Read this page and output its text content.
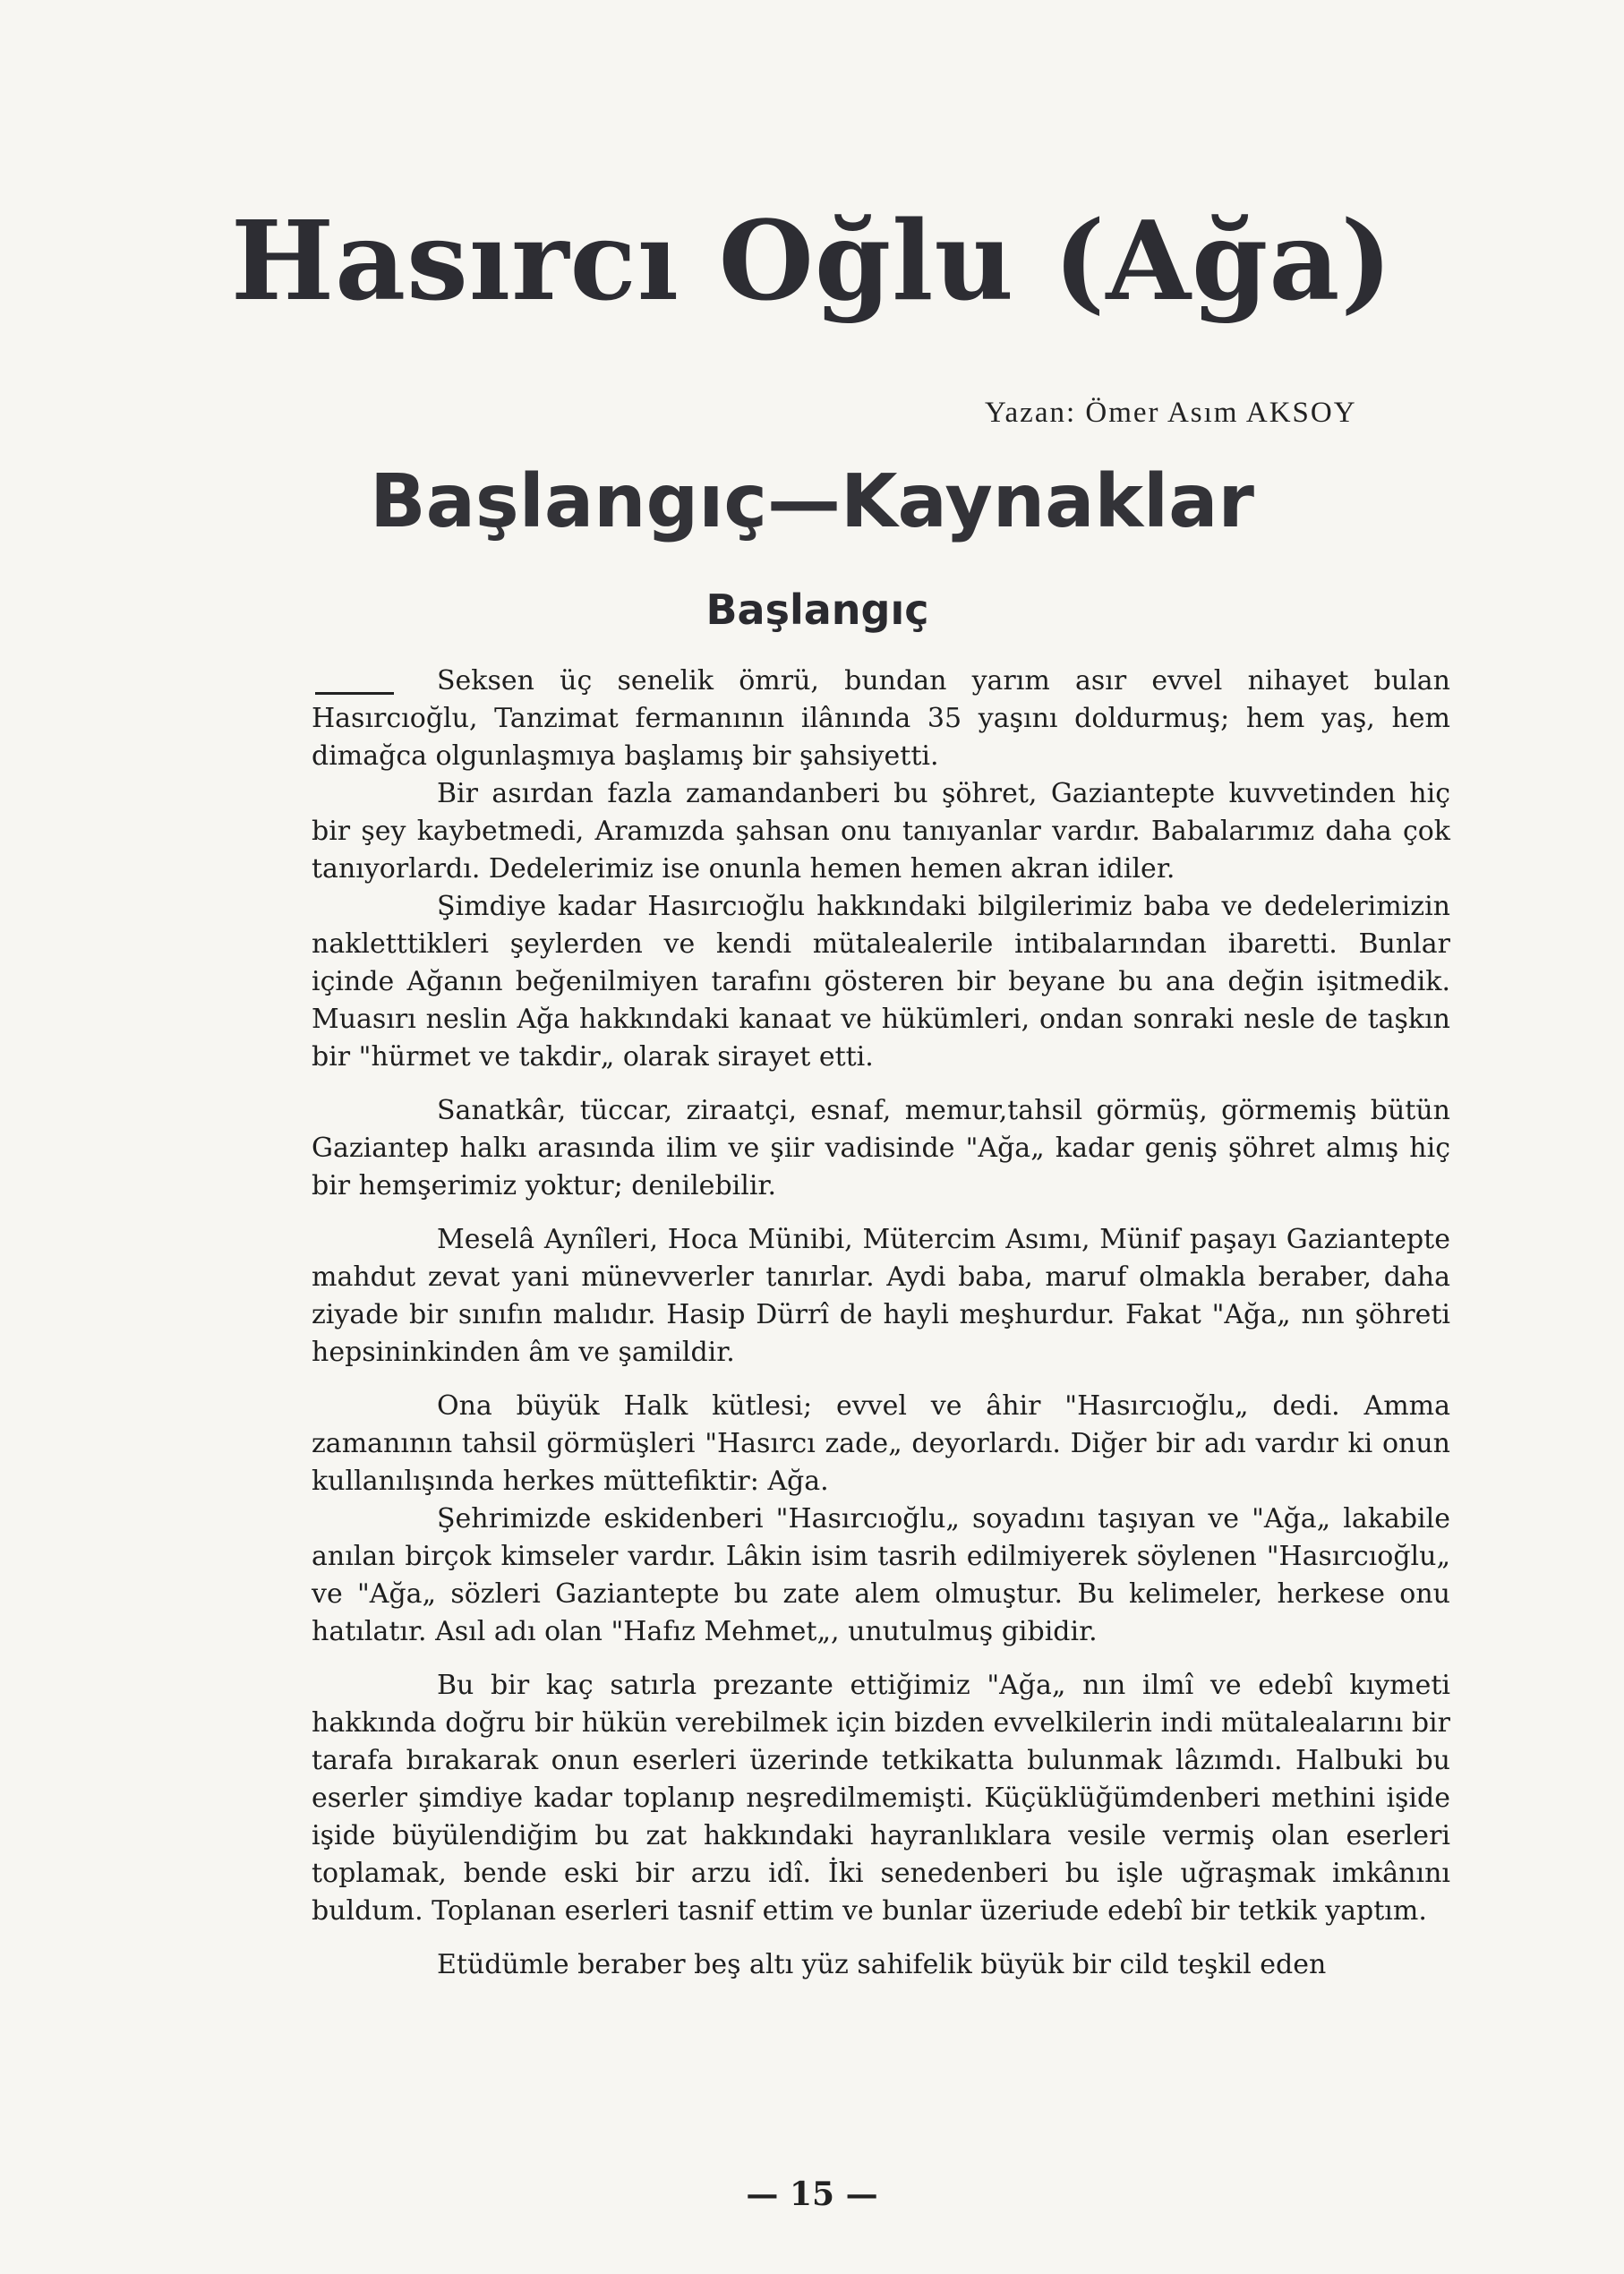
Hasırcı Oğlu (Ağa)
Yazan: Ömer Asım AKSOY
Başlangıç—Kaynaklar
Başlangıç

Seksen üç senelik ömrü, bundan yarım asır evvel nihayet bulan Hasırcıoğlu, Tanzimat fermanının ilânında 35 yaşını doldurmuş; hem yaş, hem dimağca olgunlaşmıya başlamış bir şahsiyetti.

Bir asırdan fazla zamandanberi bu şöhret, Gaziantepte kuvvetinden hiç bir şey kaybetmedi, Aramızda şahsan onu tanıyanlar vardır. Babalarımız daha çok tanıyorlardı. Dedelerimiz ise onunla hemen hemen akran idiler.

Şimdiye kadar Hasırcıoğlu hakkındaki bilgilerimiz baba ve dedelerimizin nakletttikleri şeylerden ve kendi mütalealerile intibalarından ibaretti. Bunlar içinde Ağanın beğenilmiyen tarafını gösteren bir beyane bu ana değin işitmedik. Muasırı neslin Ağa hakkındaki kanaat ve hükümleri, ondan sonraki nesle de taşkın bir "hürmet ve takdir„ olarak sirayet etti.

Sanatkâr, tüccar, ziraatçi, esnaf, memur,tahsil görmüş, görmemiş bütün Gaziantep halkı arasında ilim ve şiir vadisinde "Ağa„ kadar geniş şöhret almış hiç bir hemşerimiz yoktur; denilebilir.

Meselâ Aynîleri, Hoca Münibi, Mütercim Asımı, Münif paşayı Gaziantepte mahdut zevat yani münevverler tanırlar. Aydi baba, maruf olmakla beraber, daha ziyade bir sınıfın malıdır. Hasip Dürrî de hayli meşhurdur. Fakat "Ağa„ nın şöhreti hepsininkinden âm ve şamildir.

Ona büyük Halk kütlesi; evvel ve âhir "Hasırcıoğlu„ dedi. Amma zamanının tahsil görmüşleri "Hasırcı zade„ deyorlardı. Diğer bir adı vardır ki onun kullanılışında herkes müttefiktir: Ağa.

Şehrimizde eskidenberi "Hasırcıoğlu„ soyadını taşıyan ve "Ağa„ lakabile anılan birçok kimseler vardır. Lâkin isim tasrih edilmiyerek söylenen "Hasırcıoğlu„ ve "Ağa„ sözleri Gaziantepte bu zate alem olmuştur. Bu kelimeler, herkese onu hatılatır. Asıl adı olan "Hafız Mehmet„, unutulmuş gibidir.

Bu bir kaç satırla prezante ettiğimiz "Ağa„ nın ilmî ve edebî kıymeti hakkında doğru bir hükün verebilmek için bizden evvelkilerin indi mütalealarını bir tarafa bırakarak onun eserleri üzerinde tetkikatta bulunmak lâzımdı. Halbuki bu eserler şimdiye kadar toplanıp neşredilmemişti. Küçüklüğümdenberi methini işide işide büyülendiğim bu zat hakkındaki hayranlıklara vesile vermiş olan eserleri toplamak, bende eski bir arzu idî. İki senedenberi bu işle uğraşmak imkânını buldum. Toplanan eserleri tasnif ettim ve bunlar üzeriude edebî bir tetkik yaptım.

Etüdümle beraber beş altı yüz sahifelik büyük bir cild teşkil eden

— 15 —
